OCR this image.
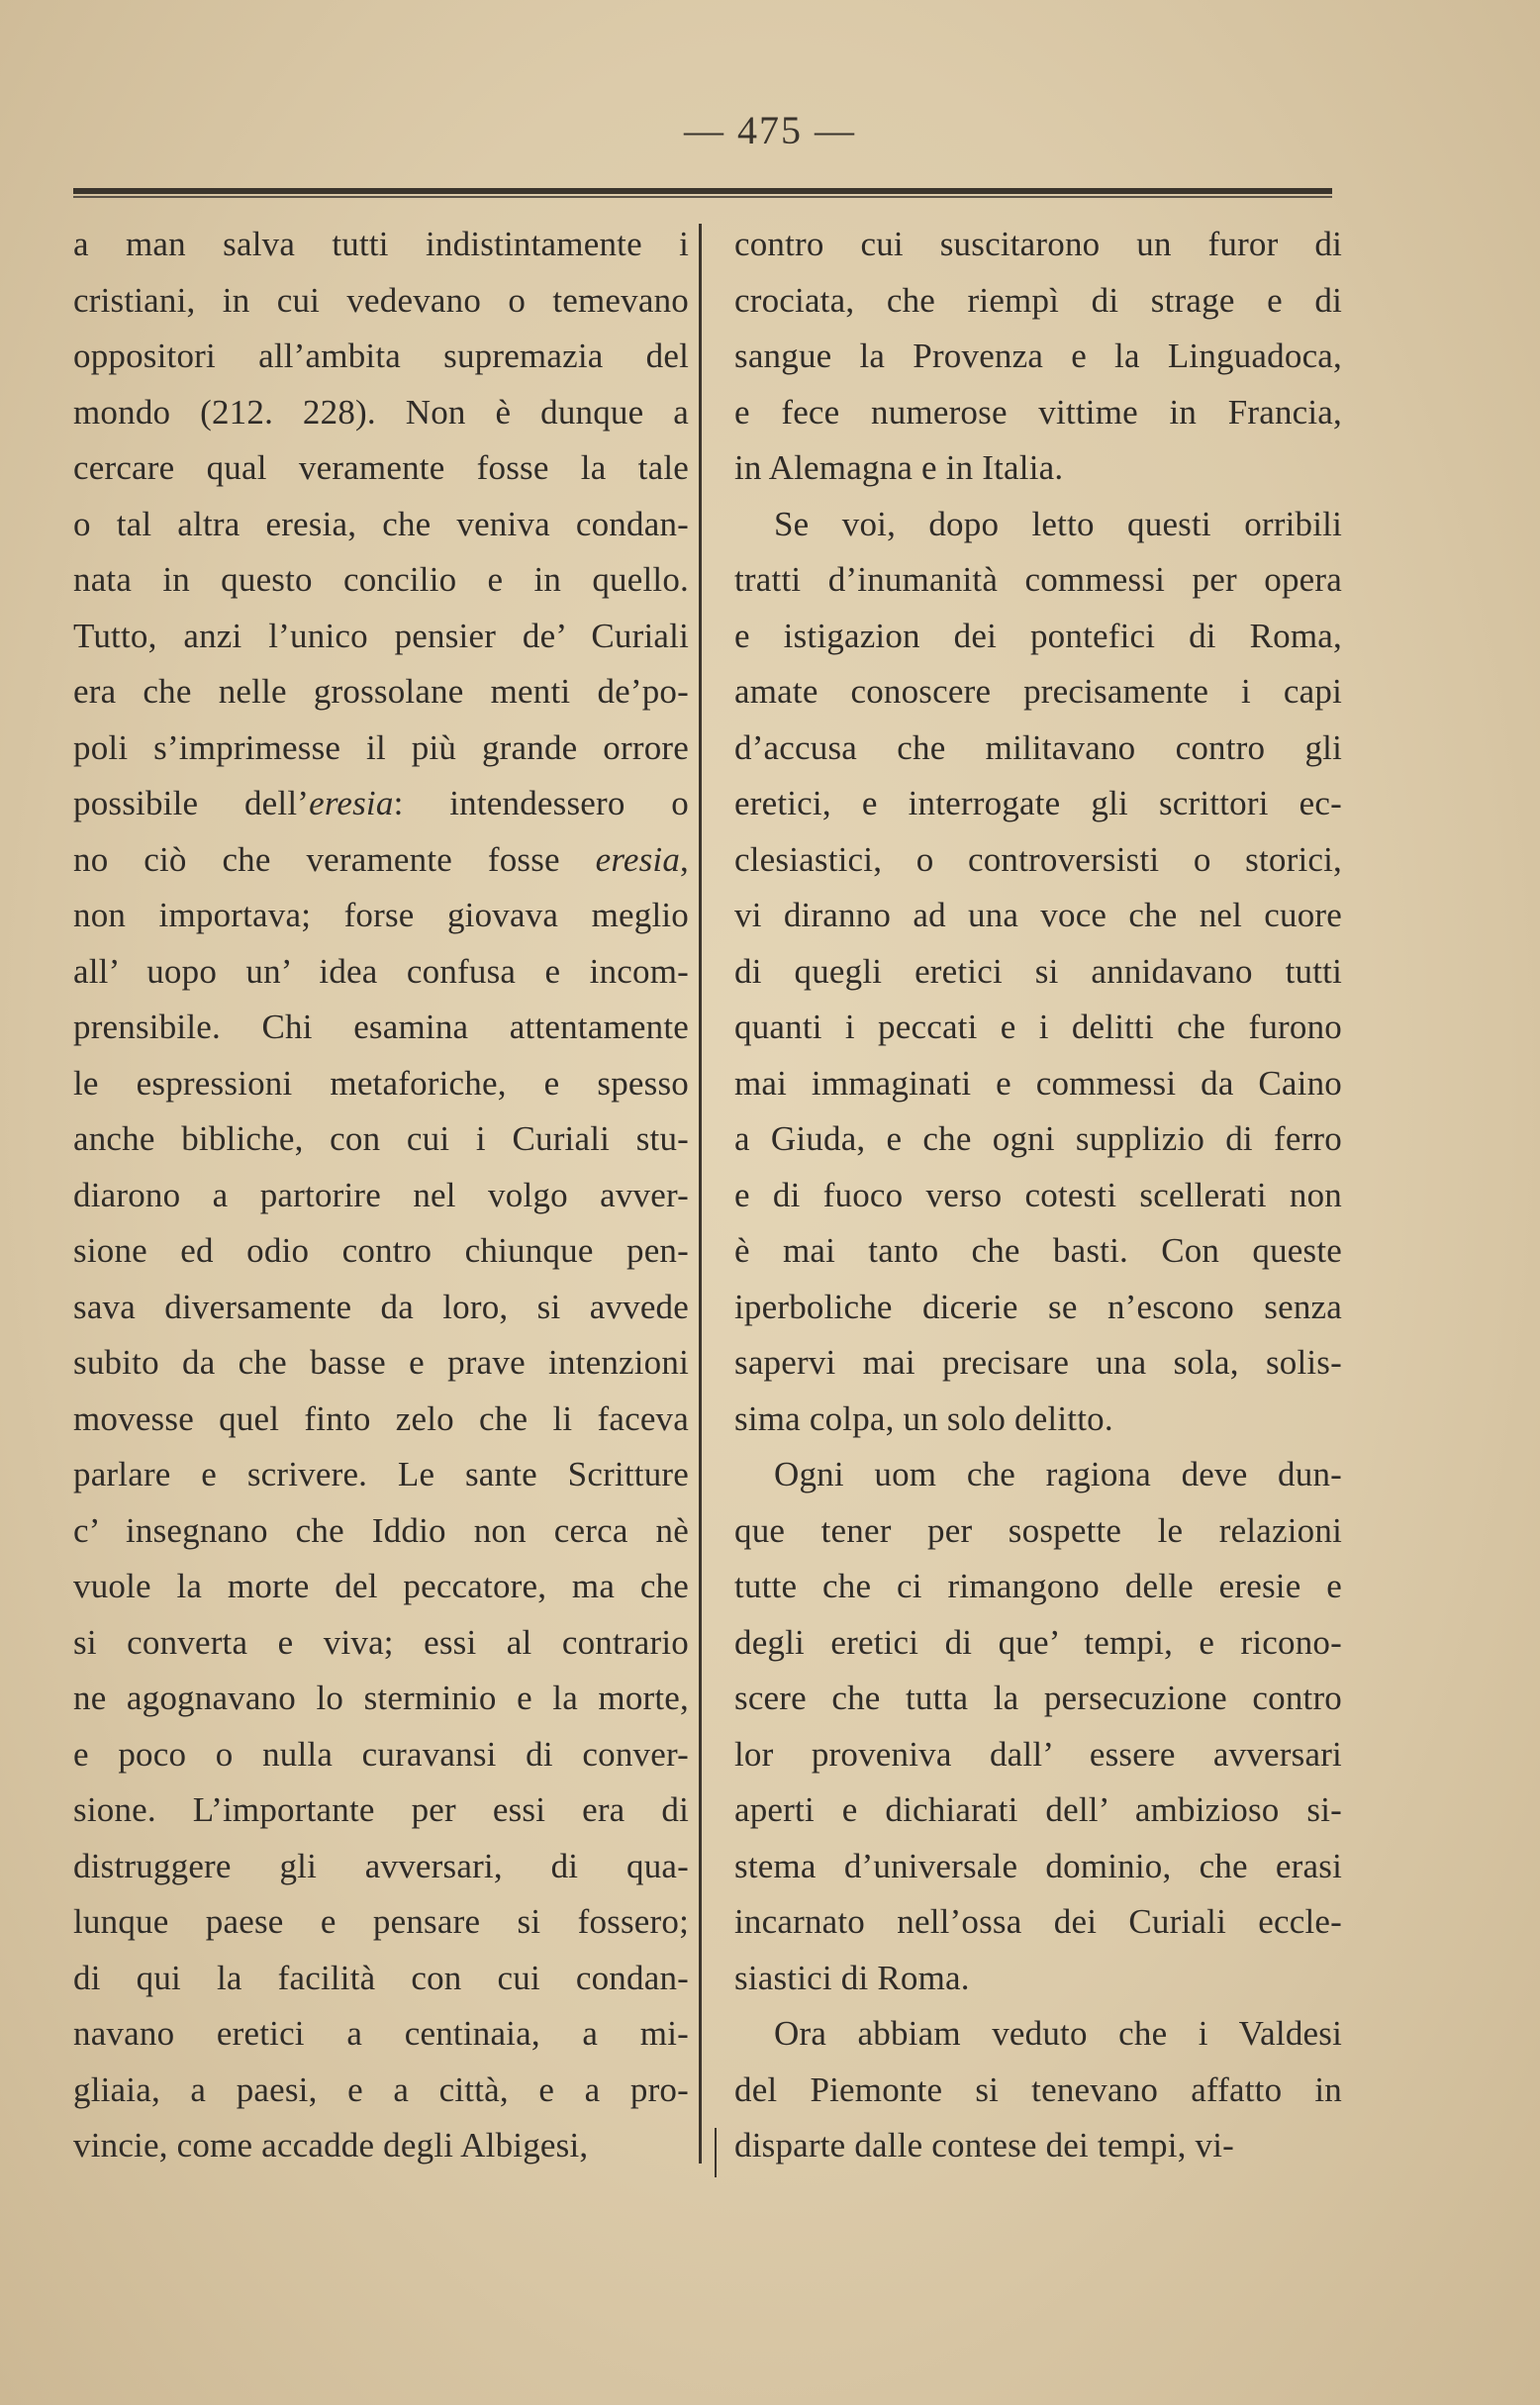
— 475 —
a man salva tutti indistintamente i
cristiani, in cui vedevano o temevano
oppositori all’ambita supremazia del
mondo (212. 228). Non è dunque a
cercare qual veramente fosse la tale
o tal altra eresia, che veniva condan-
nata in questo concilio e in quello.
Tutto, anzi l’unico pensier de’ Curiali
era che nelle grossolane menti de’po-
poli s’imprimesse il più grande orrore
possibile dell’eresia: intendessero o
no ciò che veramente fosse eresia,
non importava; forse giovava meglio
all’ uopo un’ idea confusa e incom-
prensibile. Chi esamina attentamente
le espressioni metaforiche, e spesso
anche bibliche, con cui i Curiali stu-
diarono a partorire nel volgo avver-
sione ed odio contro chiunque pen-
sava diversamente da loro, si avvede
subito da che basse e prave intenzioni
movesse quel finto zelo che li faceva
parlare e scrivere. Le sante Scritture
c’ insegnano che Iddio non cerca nè
vuole la morte del peccatore, ma che
si converta e viva; essi al contrario
ne agognavano lo sterminio e la morte,
e poco o nulla curavansi di conver-
sione. L’importante per essi era di
distruggere gli avversari, di qua-
lunque paese e pensare si fossero;
di qui la facilità con cui condan-
navano eretici a centinaia, a mi-
gliaia, a paesi, e a città, e a pro-
vincie, come accadde degli Albigesi,
contro cui suscitarono un furor di
crociata, che riempì di strage e di
sangue la Provenza e la Linguadoca,
e fece numerose vittime in Francia,
in Alemagna e in Italia.
Se voi, dopo letto questi orribili
tratti d’inumanità commessi per opera
e istigazion dei pontefici di Roma,
amate conoscere precisamente i capi
d’accusa che militavano contro gli
eretici, e interrogate gli scrittori ec-
clesiastici, o controversisti o storici,
vi diranno ad una voce che nel cuore
di quegli eretici si annidavano tutti
quanti i peccati e i delitti che furono
mai immaginati e commessi da Caino
a Giuda, e che ogni supplizio di ferro
e di fuoco verso cotesti scellerati non
è mai tanto che basti. Con queste
iperboliche dicerie se n’escono senza
sapervi mai precisare una sola, solis-
sima colpa, un solo delitto.
Ogni uom che ragiona deve dun-
que tener per sospette le relazioni
tutte che ci rimangono delle eresie e
degli eretici di que’ tempi, e ricono-
scere che tutta la persecuzione contro
lor proveniva dall’ essere avversari
aperti e dichiarati dell’ ambizioso si-
stema d’universale dominio, che erasi
incarnato nell’ossa dei Curiali eccle-
siastici di Roma.
Ora abbiam veduto che i Valdesi
del Piemonte si tenevano affatto in
disparte dalle contese dei tempi, vi-
